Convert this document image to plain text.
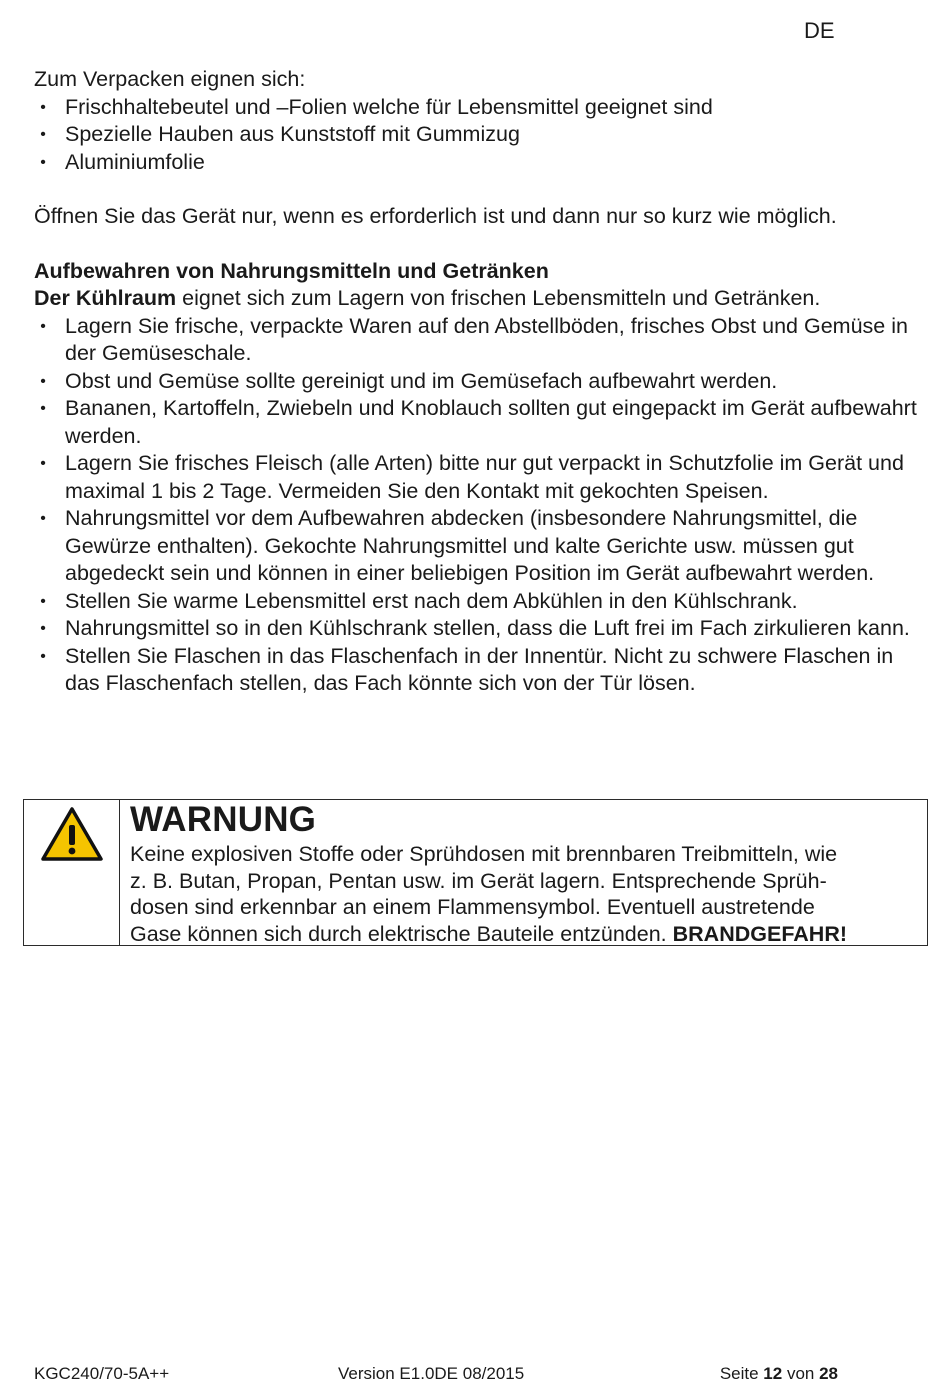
DE

Zum Verpacken eignen sich:

• Frischhaltebeutel und –Folien welche für Lebensmittel geeignet sind
• Spezielle Hauben aus Kunststoff mit Gummizug
• Aluminiumfolie

Öffnen Sie das Gerät nur, wenn es erforderlich ist und dann nur so kurz wie möglich.

Aufbewahren von Nahrungsmitteln und Getränken

Der Kühlraum eignet sich zum Lagern von frischen Lebensmitteln und Getränken.

• Lagern Sie frische, verpackte Waren auf den Abstellböden, frisches Obst und Gemüse in der Gemüseschale.
• Obst und Gemüse sollte gereinigt und im Gemüsefach aufbewahrt werden.
• Bananen, Kartoffeln, Zwiebeln und Knoblauch sollten gut eingepackt im Gerät aufbewahrt werden.
• Lagern Sie frisches Fleisch (alle Arten) bitte nur gut verpackt in Schutzfolie im Gerät und maximal 1 bis 2 Tage. Vermeiden Sie den Kontakt mit gekochten Speisen.
• Nahrungsmittel vor dem Aufbewahren abdecken (insbesondere Nahrungsmittel, die Gewürze enthalten). Gekochte Nahrungsmittel und kalte Gerichte usw. müssen gut abgedeckt sein und können in einer beliebigen Position im Gerät aufbewahrt werden.
• Stellen Sie warme Lebensmittel erst nach dem Abkühlen in den Kühlschrank.
• Nahrungsmittel so in den Kühlschrank stellen, dass die Luft frei im Fach zirkulieren kann.
• Stellen Sie Flaschen in das Flaschenfach in der Innentür. Nicht zu schwere Flaschen in das Flaschenfach stellen, das Fach könnte sich von der Tür lösen.
WARNUNG
Keine explosiven Stoffe oder Sprühdosen mit brennbaren Treibmitteln, wie
z. B. Butan, Propan, Pentan usw. im Gerät lagern. Entsprechende Sprüh-
dosen sind erkennbar an einem Flammensymbol. Eventuell austretende
Gase können sich durch elektrische Bauteile entzünden. BRANDGEFAHR!
KGC240/70-5A++	Version E1.0DE 08/2015	Seite 12 von 28
